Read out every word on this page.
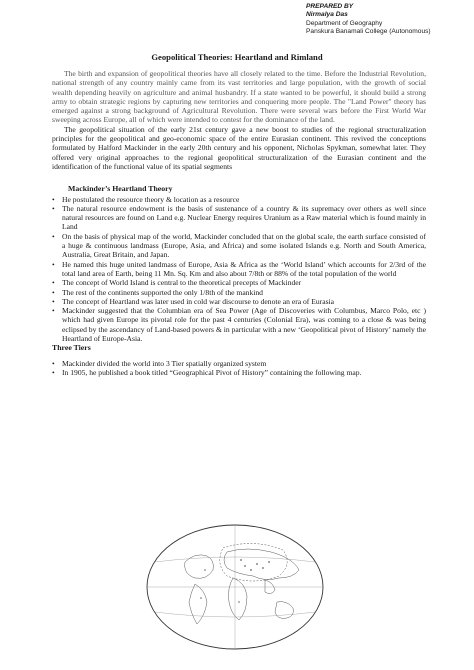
PREPARED BY
Nirmalya Das
Department of Geography
Panskura Banamali College (Autonomous)
Geopolitical Theories: Heartland and Rimland

The birth and expansion of geopolitical theories have all closely related to the time. Before the Industrial Revolution, national strength of any country mainly came from its vast territories and large population, with the growth of social wealth depending heavily on agriculture and animal husbandry. If a state wanted to be powerful, it should build a strong army to obtain strategic regions by capturing new territories and conquering more people. The "Land Power" theory has emerged against a strong background of Agricultural Revolution. There were several wars before the First World War sweeping across Europe, all of which were intended to contest for the dominance of the land.

The geopolitical situation of the early 21st century gave a new boost to studies of the regional structuralization principles for the geopolitical and geo-economic space of the entire Eurasian continent. This revived the conceptions formulated by Halford Mackinder in the early 20th century and his opponent, Nicholas Spykman, somewhat later. They offered very original approaches to the regional geopolitical structuralization of the Eurasian continent and the identification of the functional value of its spatial segments

Mackinder’s Heartland Theory
• He postulated the resource theory & location as a resource
• The natural resource endowment is the basis of sustenance of a country & its supremacy over others as well since natural resources are found on Land e.g. Nuclear Energy requires Uranium as a Raw material which is found mainly in Land
• On the basis of physical map of the world, Mackinder concluded that on the global scale, the earth surface consisted of a huge & continuous landmass (Europe, Asia, and Africa) and some isolated Islands e.g. North and South America, Australia, Great Britain, and Japan.
• He named this huge united landmass of Europe, Asia & Africa as the ‘World Island’ which accounts for 2/3rd of the total land area of Earth, being 11 Mn. Sq. Km and also about 7/8th or 88% of the total population of the world
• The concept of World Island is central to the theoretical precepts of Mackinder
• The rest of the continents supported the only 1/8th of the mankind
• The concept of Heartland was later used in cold war discourse to denote an era of Eurasia
• Mackinder suggested that the Columbian era of Sea Power (Age of Discoveries with Columbus, Marco Polo, etc ) which had given Europe its pivotal role for the past 4 centuries (Colonial Era), was coming to a close & was being eclipsed by the ascendancy of Land-based powers & in particular with a new ‘Geopolitical pivot of History’ namely the Heartland of Europe-Asia.
Three Tiers
• Mackinder divided the world into 3 Tier spatially organized system
• In 1905, he published a book titled “Geographical Pivot of History” containing the following map.
